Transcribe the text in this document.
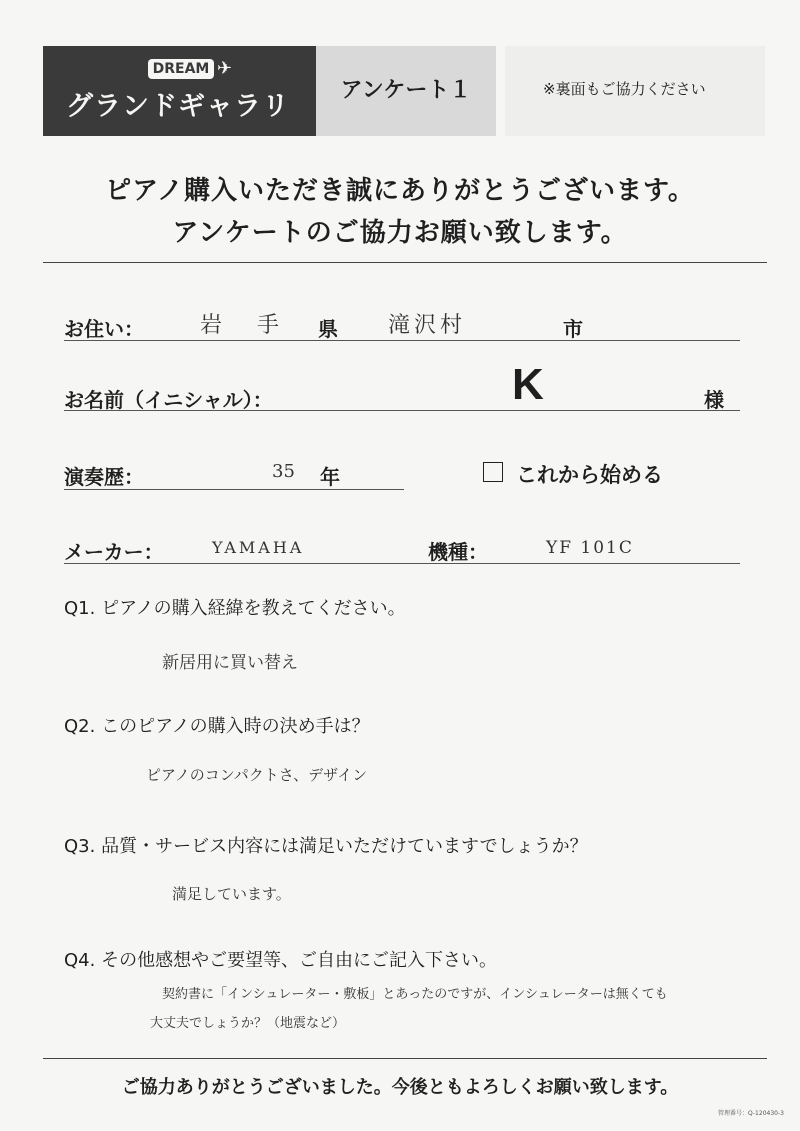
DREAM ✈
グランドギャラリー
アンケート１	※裏面もご協力ください
ピアノ購入いただき誠にありがとうございます。
アンケートのご協力お願い致します。
お住い：	岩 手 県 滝沢村	市
お名前（イニシャル）：	K	様
演奏歴：	35 年	これから始める
メーカー：	YAMAHA	機種：	YF 101C
Q1. ピアノの購入経緯を教えてください。
新居用に買い替え
Q2. このピアノの購入時の決め手は？
ピアノのコンパクトさ、デザイン
Q3. 品質・サービス内容には満足いただけていますでしょうか？
満足しています。
Q4. その他感想やご要望等、ご自由にご記入下さい。
契約書に「インシュレーター・敷板」とあったのですが、インシュレーターは無くても
大丈夫でしょうか？（地震など）
ご協力ありがとうございました。今後ともよろしくお願い致します。
管理番号：Q-120430-3
